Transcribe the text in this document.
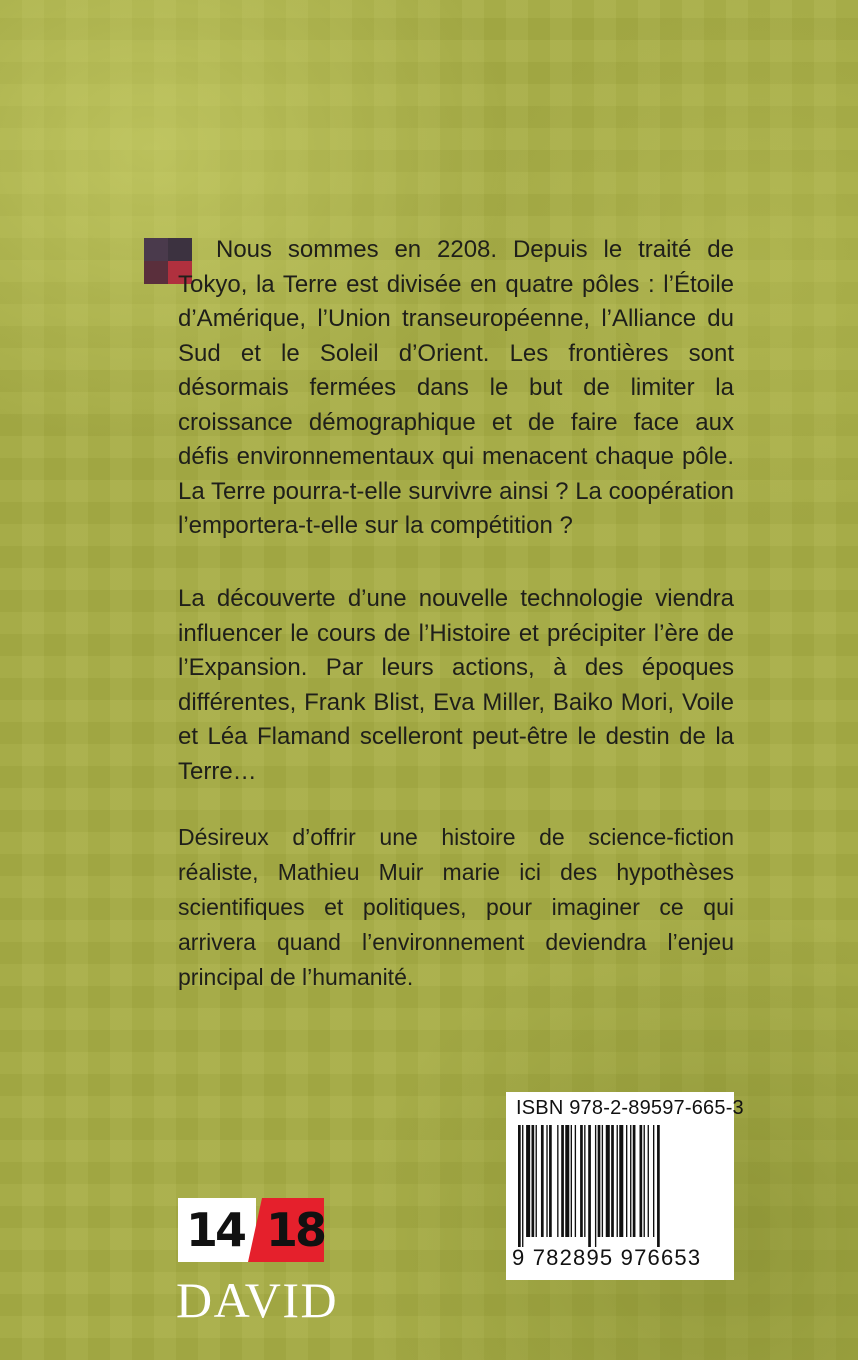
Nous sommes en 2208. Depuis le traité de Tokyo, la Terre est divisée en quatre pôles : l’Étoile d’Amérique, l’Union transeuropéenne, l’Alliance du Sud et le Soleil d’Orient. Les frontières sont désormais fermées dans le but de limiter la croissance démographique et de faire face aux défis environnementaux qui menacent chaque pôle. La Terre pourra-t-elle survivre ainsi ? La coopération l’emportera-t-elle sur la compétition ?

La découverte d’une nouvelle technologie viendra influencer le cours de l’Histoire et précipiter l’ère de l’Expansion. Par leurs actions, à des époques différentes, Frank Blist, Eva Miller, Baiko Mori, Voile et Léa Flamand scelleront peut-être le destin de la Terre…

Désireux d’offrir une histoire de science-fiction réaliste, Mathieu Muir marie ici des hypothèses scientifiques et politiques, pour imaginer ce qui arrivera quand l’environnement deviendra l’enjeu principal de l’humanité.

ISBN 978-2-89597-665-3
9 782895 976653
14 18
DAVID
